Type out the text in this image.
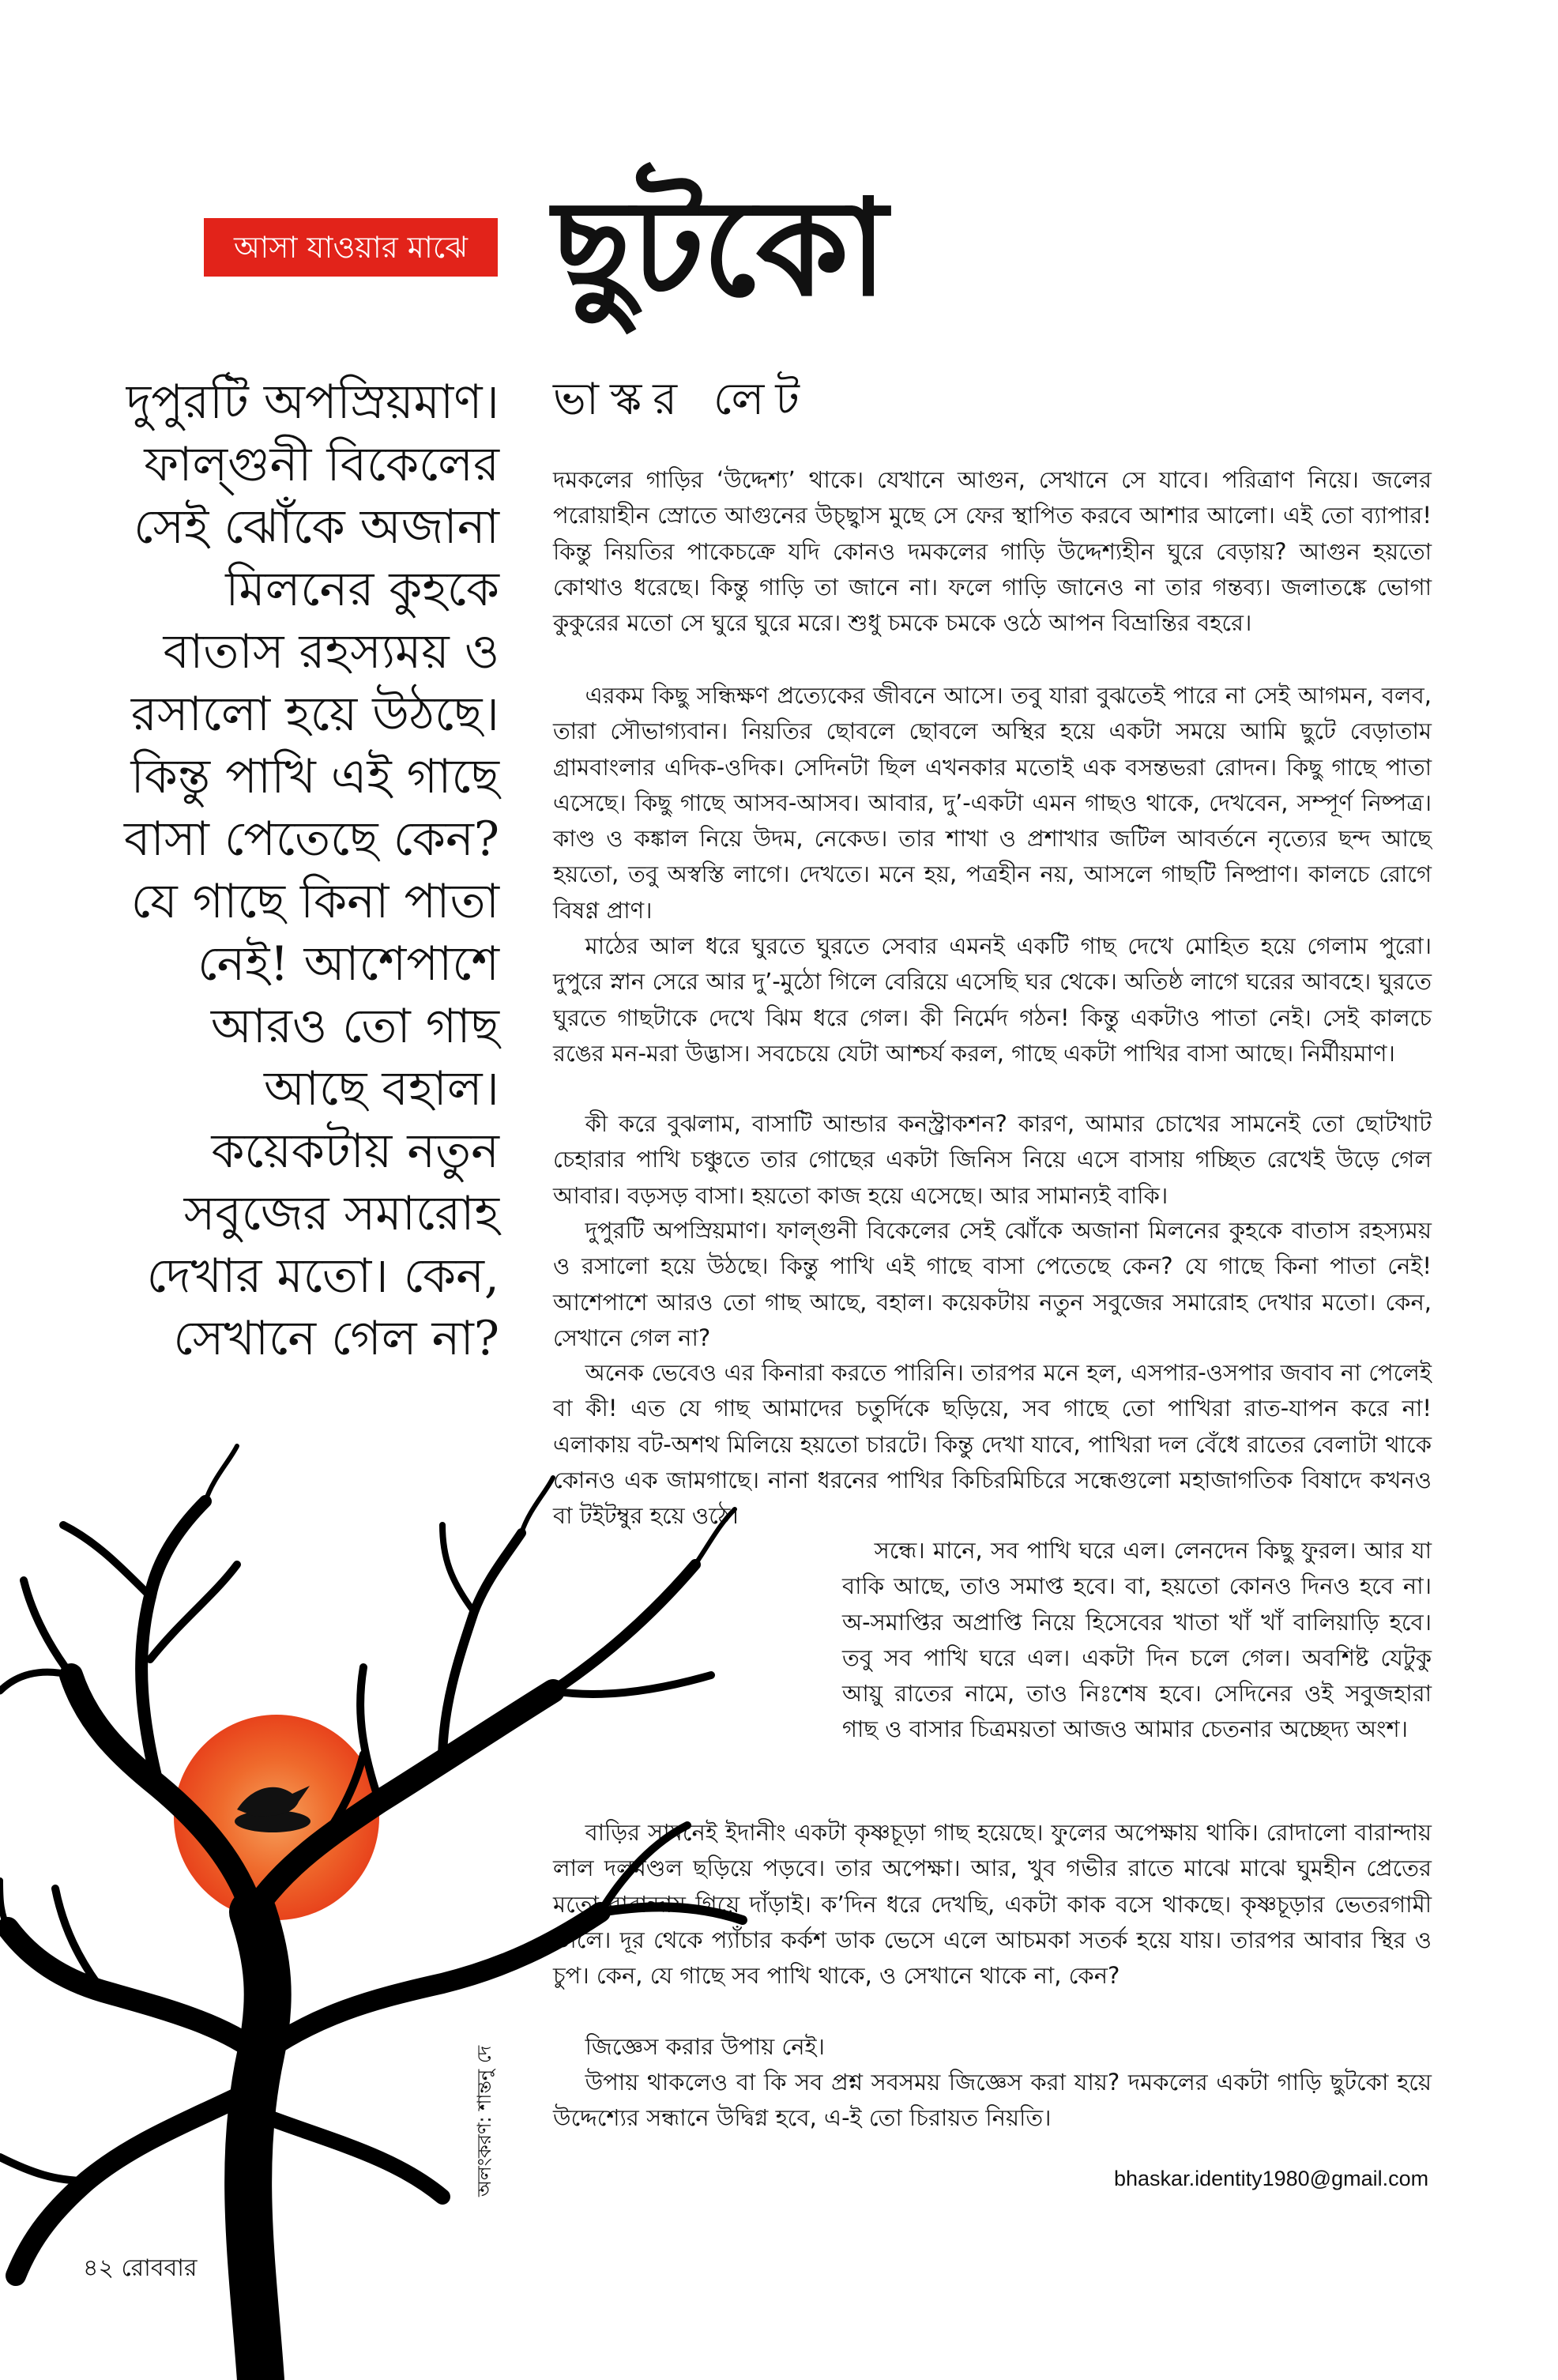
আসা যাওয়ার মাঝে ছুটকো
ভাস্কর লেট
দুপুরটি অপস্রিয়মাণ। ফাল্গুনী বিকেলের সেই ঝোঁকে অজানা মিলনের কুহকে বাতাস রহস্যময় ও রসালো হয়ে উঠছে। কিন্তু পাখি এই গাছে বাসা পেতেছে কেন? যে গাছে কিনা পাতা নেই! আশেপাশে আরও তো গাছ আছে বহাল। কয়েকটায় নতুন সবুজের সমারোহ দেখার মতো। কেন, সেখানে গেল না?

দমকলের গাড়ির ‘উদ্দেশ্য’ থাকে। যেখানে আগুন, সেখানে সে যাবে। পরিত্রাণ নিয়ে। জলের পরোয়াহীন স্রোতে আগুনের উচ্ছ্বাস মুছে সে ফের স্থাপিত করবে আশার আলো। এই তো ব্যাপার! কিন্তু নিয়তির পাকেচক্রে যদি কোনও দমকলের গাড়ি উদ্দেশ্যহীন ঘুরে বেড়ায়? আগুন হয়তো কোথাও ধরেছে। কিন্তু গাড়ি তা জানে না। ফলে গাড়ি জানেও না তার গন্তব্য। জলাতঙ্কে ভোগা কুকুরের মতো সে ঘুরে ঘুরে মরে। শুধু চমকে চমকে ওঠে আপন বিভ্রান্তির বহরে।

এরকম কিছু সন্ধিক্ষণ প্রত্যেকের জীবনে আসে। তবু যারা বুঝতেই পারে না সেই আগমন, বলব, তারা সৌভাগ্যবান। নিয়তির ছোবলে ছোবলে অস্থির হয়ে একটা সময়ে আমি ছুটে বেড়াতাম গ্রামবাংলার এদিক-ওদিক। সেদিনটা ছিল এখনকার মতোই এক বসন্তভরা রোদন। কিছু গাছে পাতা এসেছে। কিছু গাছে আসব-আসব। আবার, দু’-একটা এমন গাছও থাকে, দেখবেন, সম্পূর্ণ নিষ্পত্র। কাণ্ড ও কঙ্কাল নিয়ে উদম, নেকেড। তার শাখা ও প্রশাখার জটিল আবর্তনে নৃত্যের ছন্দ আছে হয়তো, তবু অস্বস্তি লাগে। দেখতে। মনে হয়, পত্রহীন নয়, আসলে গাছটি নিষ্প্রাণ। কালচে রোগে বিষণ্ণ প্রাণ।

মাঠের আল ধরে ঘুরতে ঘুরতে সেবার এমনই একটি গাছ দেখে মোহিত হয়ে গেলাম পুরো। দুপুরে স্নান সেরে আর দু’-মুঠো গিলে বেরিয়ে এসেছি ঘর থেকে। অতিষ্ঠ লাগে ঘরের আবহে। ঘুরতে ঘুরতে গাছটাকে দেখে ঝিম ধরে গেল। কী নির্মেদ গঠন! কিন্তু একটাও পাতা নেই। সেই কালচে রঙের মন-মরা উদ্ভাস। সবচেয়ে যেটা আশ্চর্য করল, গাছে একটা পাখির বাসা আছে। নির্মীয়মাণ।

কী করে বুঝলাম, বাসাটি আন্ডার কনস্ট্রাকশন? কারণ, আমার চোখের সামনেই তো ছোটখাট চেহারার পাখি চঞ্চুতে তার গোছের একটা জিনিস নিয়ে এসে বাসায় গচ্ছিত রেখেই উড়ে গেল আবার। বড়সড় বাসা। হয়তো কাজ হয়ে এসেছে। আর সামান্যই বাকি।

দুপুরটি অপস্রিয়মাণ। ফাল্গুনী বিকেলের সেই ঝোঁকে অজানা মিলনের কুহকে বাতাস রহস্যময় ও রসালো হয়ে উঠছে। কিন্তু পাখি এই গাছে বাসা পেতেছে কেন? যে গাছে কিনা পাতা নেই! আশেপাশে আরও তো গাছ আছে, বহাল। কয়েকটায় নতুন সবুজের সমারোহ দেখার মতো। কেন, সেখানে গেল না?

অনেক ভেবেও এর কিনারা করতে পারিনি। তারপর মনে হল, এসপার-ওসপার জবাব না পেলেই বা কী! এত যে গাছ আমাদের চতুর্দিকে ছড়িয়ে, সব গাছে তো পাখিরা রাত-যাপন করে না! এলাকায় বট-অশথ মিলিয়ে হয়তো চারটে। কিন্তু দেখা যাবে, পাখিরা দল বেঁধে রাতের বেলাটা থাকে কোনও এক জামগাছে। নানা ধরনের পাখির কিচিরমিচিরে সন্ধেগুলো মহাজাগতিক বিষাদে কখনও বা টইটম্বুর হয়ে ওঠে।

সন্ধে। মানে, সব পাখি ঘরে এল। লেনদেন কিছু ফুরল। আর যা বাকি আছে, তাও সমাপ্ত হবে। বা, হয়তো কোনও দিনও হবে না। অ-সমাপ্তির অপ্রাপ্তি নিয়ে হিসেবের খাতা খাঁ খাঁ বালিয়াড়ি হবে। তবু সব পাখি ঘরে এল। একটা দিন চলে গেল। অবশিষ্ট যেটুকু আয়ু রাতের নামে, তাও নিঃশেষ হবে। সেদিনের ওই সবুজহারা গাছ ও বাসার চিত্রময়তা আজও আমার চেতনার অচ্ছেদ্য অংশ।

বাড়ির সামনেই ইদানীং একটা কৃষ্ণচূড়া গাছ হয়েছে। ফুলের অপেক্ষায় থাকি। রোদালো বারান্দায় লাল দলমণ্ডল ছড়িয়ে পড়বে। তার অপেক্ষা। আর, খুব গভীর রাতে মাঝে মাঝে ঘুমহীন প্রেতের মতো বারান্দায় গিয়ে দাঁড়াই। ক’দিন ধরে দেখছি, একটা কাক বসে থাকছে। কৃষ্ণচূড়ার ভেতরগামী ডালে। দূর থেকে প্যাঁচার কর্কশ ডাক ভেসে এলে আচমকা সতর্ক হয়ে যায়। তারপর আবার স্থির ও চুপ। কেন, যে গাছে সব পাখি থাকে, ও সেখানে থাকে না, কেন?

জিজ্ঞেস করার উপায় নেই।

উপায় থাকলেও বা কি সব প্রশ্ন সবসময় জিজ্ঞেস করা যায়? দমকলের একটা গাড়ি ছুটকো হয়ে উদ্দেশ্যের সন্ধানে উদ্বিগ্ন হবে, এ-ই তো চিরায়ত নিয়তি।

bhaskar.identity1980@gmail.com
অলংকরণ: শান্তনু দে
৪২ রোববার
